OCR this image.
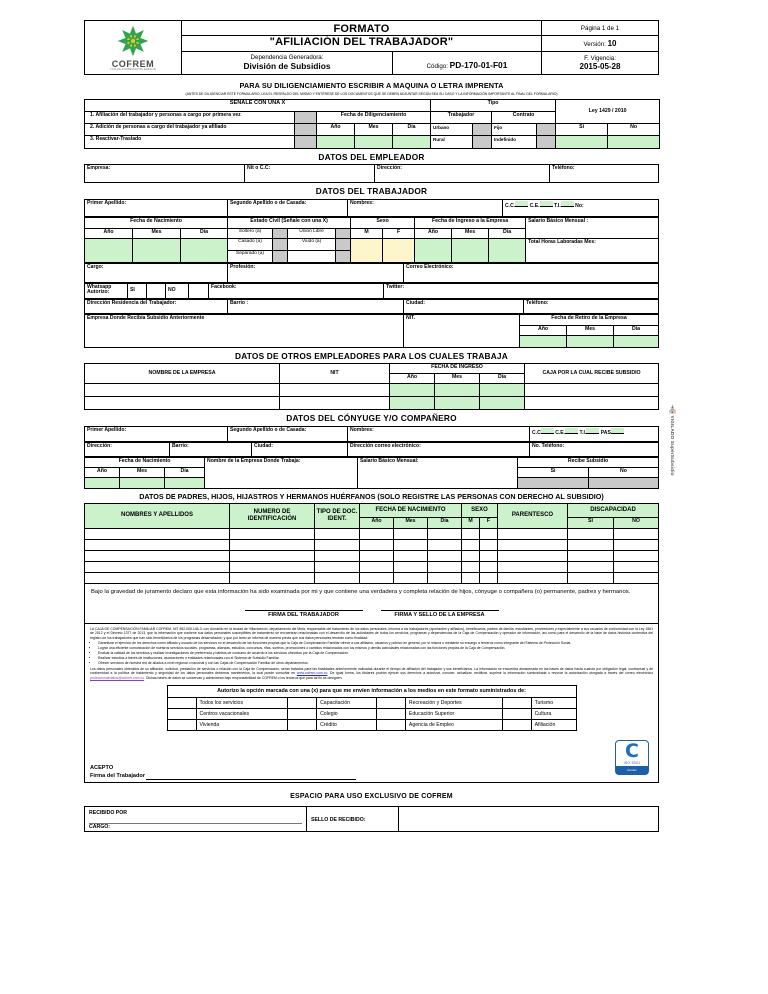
⛪ VIGILADO SuperSubsidio
COFREM
CAJA DE COMPENSACIÓN FAMILIAR	FORMATO		Página 1 de 1

	"AFILIACIÓN DEL TRABAJADOR"		Versión: 10

Dependencia Generadora:
División de Subsidios	Código: PD-170-01-F01	
F. Vigencia:
2015-05-28
PARA SU DILIGENCIAMIENTO ESCRIBIR A MAQUINA O LETRA IMPRENTA
(ANTES DE DILIGENCIAR ESTE FORMULARIO, LEA EL RESPALDO DEL MISMO Y ENTÉRESE DE LOS DOCUMENTOS QUE SE DEBEN ADJUNTAR SEGÚN SEA SU CASO Y LA INFORMACIÓN IMPORTANTE AL FINAL DEL FORMULARIO)
SEÑALE CON UNA X					Tipo				Ley 1429 / 2010	

1. Afiliación del trabajador y personas a cargo por primera vez		Fecha de Diligenciamiento			Trabajador		Contrato			

2. Adición de personas a cargo del trabajador ya afiliado		Año	Mes	Día	Urbano		Fijo		Si	No

3. Reactivar-Traslado					Rural		Indefinido			

DATOS DEL EMPLEADOR
Empresa:	Nit o C.C:	Dirección:	Teléfono:
DATOS DEL TRABAJADOR
Primer Apellido:	Segundo Apellido o de Casada:	Nombres:	C.C.	C.E.	T.I.	No:
Fecha de Nacimiento			Estado Civil (Señale con una X)				Sexo		Fecha de Ingreso a la Empresa			Salario Básico Mensual :

Año	Mes	Día	Soltero (a)		Unión Libre		M	F	Año	Mes	Día	
			Casado (a)		Viudo (a)							Total Horas Laboradas Mes:

			Separado (a)									
Cargo:	Profesión:	Correo Electrónico:
Whatsapp
Autorizo:	SI		NO

Facebook:	Twitter:
Dirección Residencia del Trabajador:	Barrio :	Ciudad:	Teléfono:
Empresa Donde Recibía Subsidio Anteriormente	NIT.	Fecha de Retiro de la Empresa		
		Año	Mes	Día

DATOS DE OTROS EMPLEADORES PARA LOS CUALES TRABAJA
NOMBRE DE LA EMPRESA	NIT	FECHA DE INGRESO			CAJA POR LA CUAL RECIBE SUBSIDIO
		Año	Mes	Día	

DATOS DEL CÓNYUGE Y/O COMPAÑERO
Primer Apellido:	Segundo Apellido o de Casada:	Nombres:	C.C	C.E.	T.I.	PAS
Dirección:	Barrio:	Ciudad:	Dirección correo electrónico:	No. Teléfono:
Fecha de Nacimiento			Nombre de la Empresa Donde Trabaja:	Salario Básico Mensual:	Recibe Subsidio	
Año	Mes	Día			Si	No

DATOS DE PADRES, HIJOS, HIJASTROS Y HERMANOS HUÉRFANOS (SOLO REGISTRE LAS PERSONAS CON DERECHO AL SUBSIDIO)
NOMBRES Y APELLIDOS	NUMERO DE IDENTIFICACIÓN	TIPO DE DOC. IDENT.	FECHA DE NACIMIENTO			SEXO		PARENTESCO	DISCAPACIDAD	
			Año	Mes	Día	M	F		SI	NO

Bajo la gravedad de juramento declaro que esta información ha sido examinada por mi y que contiene una verdadera y completa relación de hijos, cónyuge o compañera (o) permanente, padres y hermanos.
FIRMA DEL TRABAJADOR	FIRMA Y SELLO DE LA EMPRESA

LA CAJA DE COMPENSACIÓN FAMILIAR COFREM, NIT 892.000.146-3, con domicilio en la ciudad de Villavicencio, departamento del Meta, responsable del tratamiento de los datos personales, informa a los trabajadores (aportantes y afiliados), beneficiarios, padres de familia, estudiantes, proveedores y especialmente a sus usuarios de conformidad con la Ley 1581 de 2012 y el Decreto 1377 de 2013, que la información que contiene sus datos personales susceptibles de tratamiento se encuentran relacionadas con el desarrollo de las actividades de todos los servicios, programas y dependencias de la Caja de Compensación y operador de información, así como para el desarrollo de la base de datos histórica contentiva del registro de los trabajadores que han sido beneficiarios de los programas desarrollados; y que por tanto se informa de manera previa que sus datos personales tendrán como finalidad:

• Garantizar el ejercicio de los derechos como afiliado y usuario de los servicios en el desarrollo de las funciones propias que la Caja de Compensación Familiar ofrece a sus afiliados, usuarios y público en general, por sí misma o mediante su encargo a terceros como integrante del Sistema de Protección Social.
• Lograr una eficiente comunicación de nuestros servicios sociales, programas, alianzas, estudios, concursos, rifas, sorteos, promociones o cambios relacionados con los mismos y demás actividades relacionadas con las funciones propias de la Caja de Compensación.
• Evaluar la calidad de los servicios y realizar investigaciones de preferencia y hábitos de consumo de acuerdo a los servicios ofrecidos por la Caja de Compensación.
• Realizar estudios a través de instituciones, asociaciones o entidades relacionadas con el Sistema de Subsidio Familiar.
• Ofrecer servicios de nuestra red de aliados a nivel regional o nacional y con las Cajas de Compensación Familiar de otros departamentos.

Los datos personales obtenidos de su afiliación, solicitud, prestación de servicios o relación con la Caja de Compensación, serán tratados para las finalidades anteriormente indicadas durante el tiempo de afiliación del trabajador y sus beneficiarios. La información se encuentra almacenada en las bases de datos hasta cuando por obligación legal, contractual y de conformidad a la política de tratamiento y seguridad de los datos personales debamos mantenerlos, la cual puede consultar en www.cofrem.com.co. De igual forma, los titulares podrán ejercer sus derechos a autorizar, conocer, actualizar, rectificar, suprimir la información suministrada o revocar la autorización otorgada a través del correo electrónico protecciondedatos@cofrem.com.co. Dichas bases de datos se conservan y administran bajo responsabilidad de COFREM o los terceros que para tal fin se designen.

Autorizo la opción marcada con una (x) para que me envíen información a los medios en este formato suministrados de:							
	Todos los servicios		Capacitación		Recreación y Deportes		Turismo
	Centros vacacionales		Colegio		Educación Superior		Cultura
	Vivienda		Crédito		Agencia de Empleo		Afiliación
C
ISO 9001
Icontec
ACEPTO
Firma del Trabajador
ESPACIO PARA USO EXCLUSIVO DE COFREM
RECIBIDO POR
CARGO:

SELLO DE RECIBIDO:
